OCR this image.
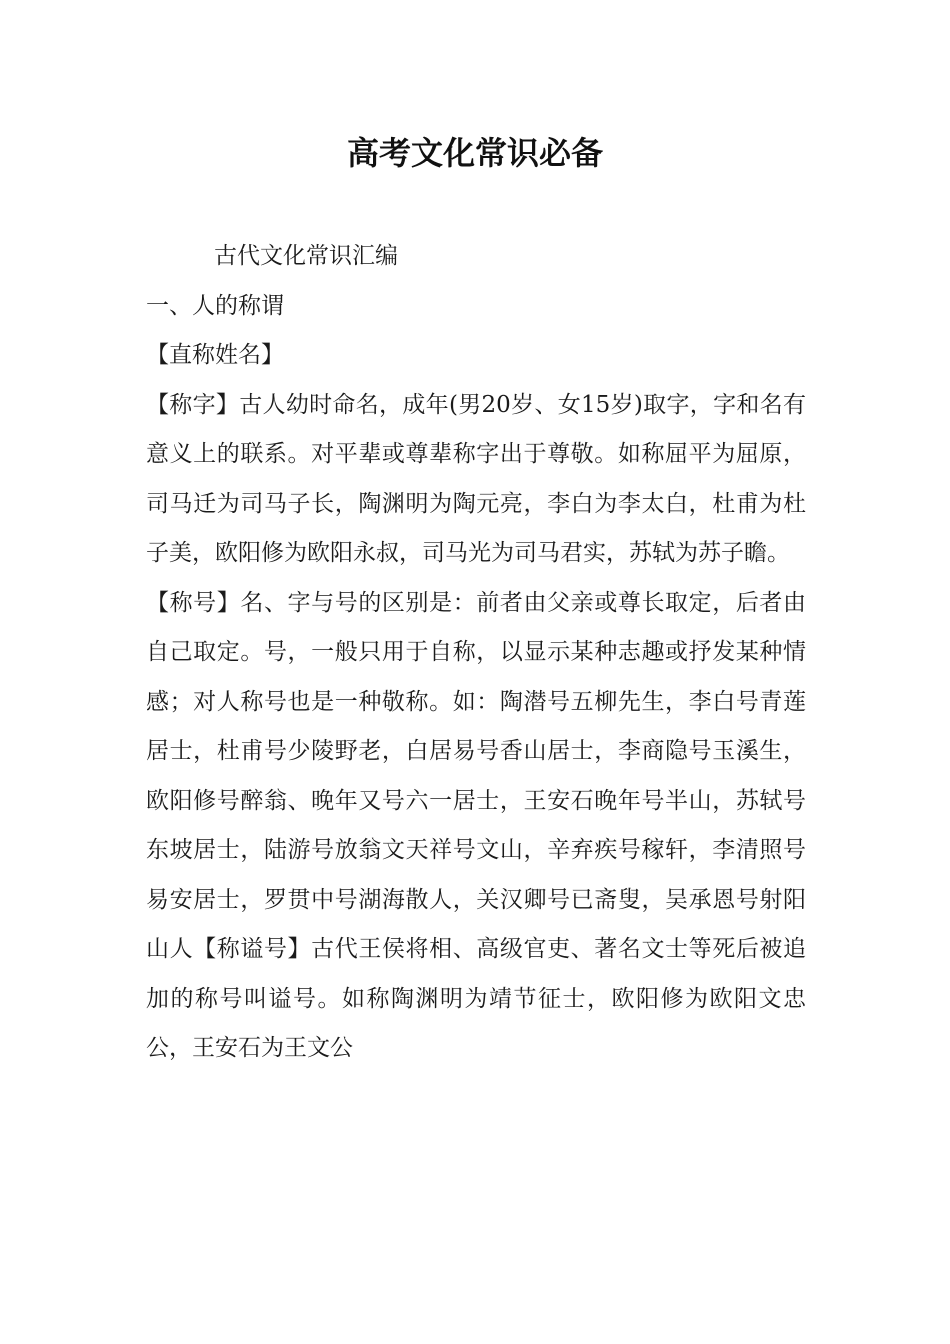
高考文化常识必备

古代文化常识汇编

一、人的称谓

【直称姓名】

【称字】古人幼时命名，成年(男20岁、女15岁)取字，字和名有意义上的联系。对平辈或尊辈称字出于尊敬。如称屈平为屈原，司马迁为司马子长，陶渊明为陶元亮，李白为李太白，杜甫为杜子美，欧阳修为欧阳永叔，司马光为司马君实，苏轼为苏子瞻。

【称号】名、字与号的区别是：前者由父亲或尊长取定，后者由自己取定。号，一般只用于自称，以显示某种志趣或抒发某种情感；对人称号也是一种敬称。如：陶潜号五柳先生，李白号青莲居士，杜甫号少陵野老，白居易号香山居士，李商隐号玉溪生，欧阳修号醉翁、晚年又号六一居士，王安石晚年号半山，苏轼号东坡居士，陆游号放翁文天祥号文山，辛弃疾号稼轩，李清照号易安居士，罗贯中号湖海散人，关汉卿号已斋叟，吴承恩号射阳山人【称谥号】古代王侯将相、高级官吏、著名文士等死后被追加的称号叫谥号。如称陶渊明为靖节征士，欧阳修为欧阳文忠公，王安石为王文公
